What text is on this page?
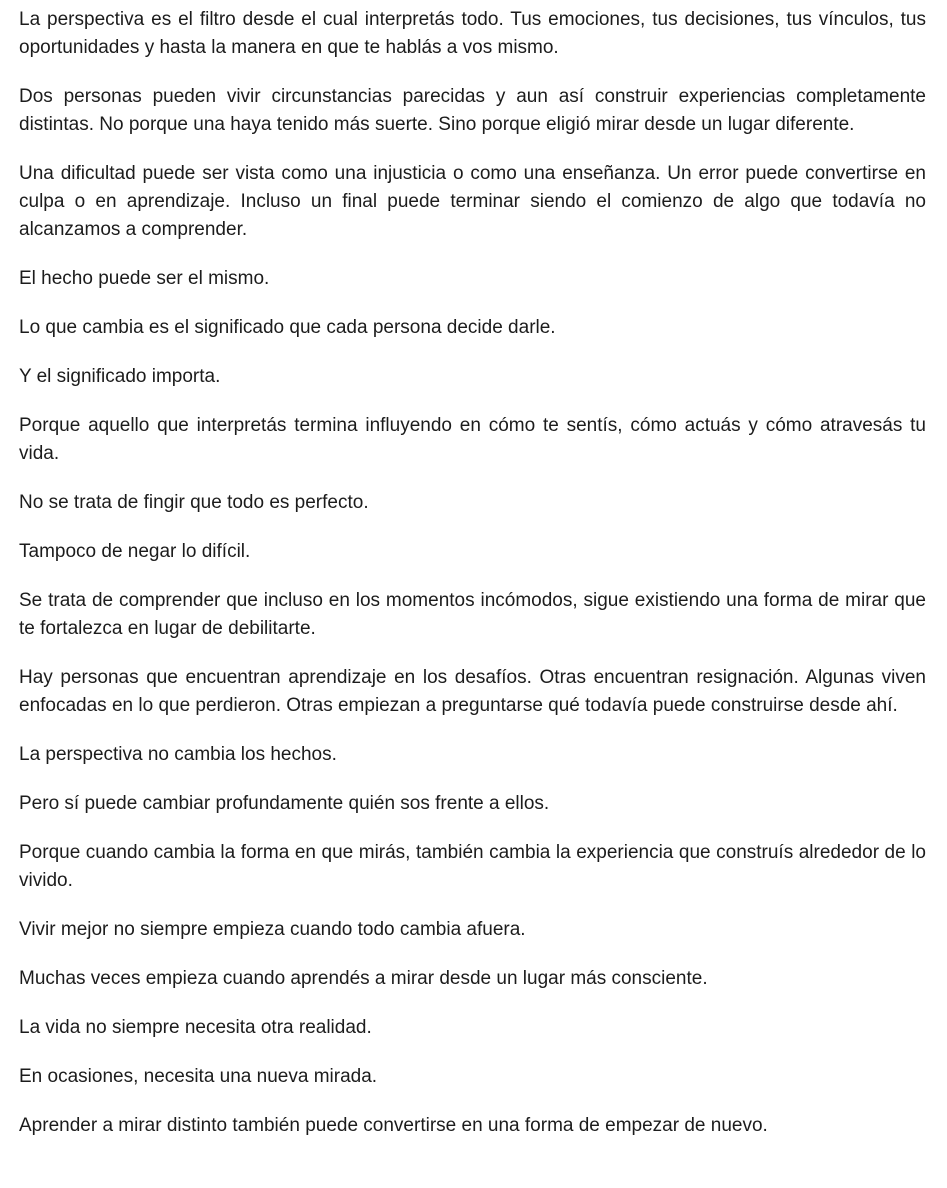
La perspectiva es el filtro desde el cual interpretás todo. Tus emociones, tus decisiones, tus vínculos, tus oportunidades y hasta la manera en que te hablás a vos mismo.

Dos personas pueden vivir circunstancias parecidas y aun así construir experiencias completamente distintas. No porque una haya tenido más suerte. Sino porque eligió mirar desde un lugar diferente.

Una dificultad puede ser vista como una injusticia o como una enseñanza. Un error puede convertirse en culpa o en aprendizaje. Incluso un final puede terminar siendo el comienzo de algo que todavía no alcanzamos a comprender.

El hecho puede ser el mismo.

Lo que cambia es el significado que cada persona decide darle.

Y el significado importa.

Porque aquello que interpretás termina influyendo en cómo te sentís, cómo actuás y cómo atravesás tu vida.

No se trata de fingir que todo es perfecto.

Tampoco de negar lo difícil.

Se trata de comprender que incluso en los momentos incómodos, sigue existiendo una forma de mirar que te fortalezca en lugar de debilitarte.

Hay personas que encuentran aprendizaje en los desafíos. Otras encuentran resignación. Algunas viven enfocadas en lo que perdieron. Otras empiezan a preguntarse qué todavía puede construirse desde ahí.

La perspectiva no cambia los hechos.

Pero sí puede cambiar profundamente quién sos frente a ellos.

Porque cuando cambia la forma en que mirás, también cambia la experiencia que construís alrededor de lo vivido.

Vivir mejor no siempre empieza cuando todo cambia afuera.

Muchas veces empieza cuando aprendés a mirar desde un lugar más consciente.

La vida no siempre necesita otra realidad.

En ocasiones, necesita una nueva mirada.

Aprender a mirar distinto también puede convertirse en una forma de empezar de nuevo.
